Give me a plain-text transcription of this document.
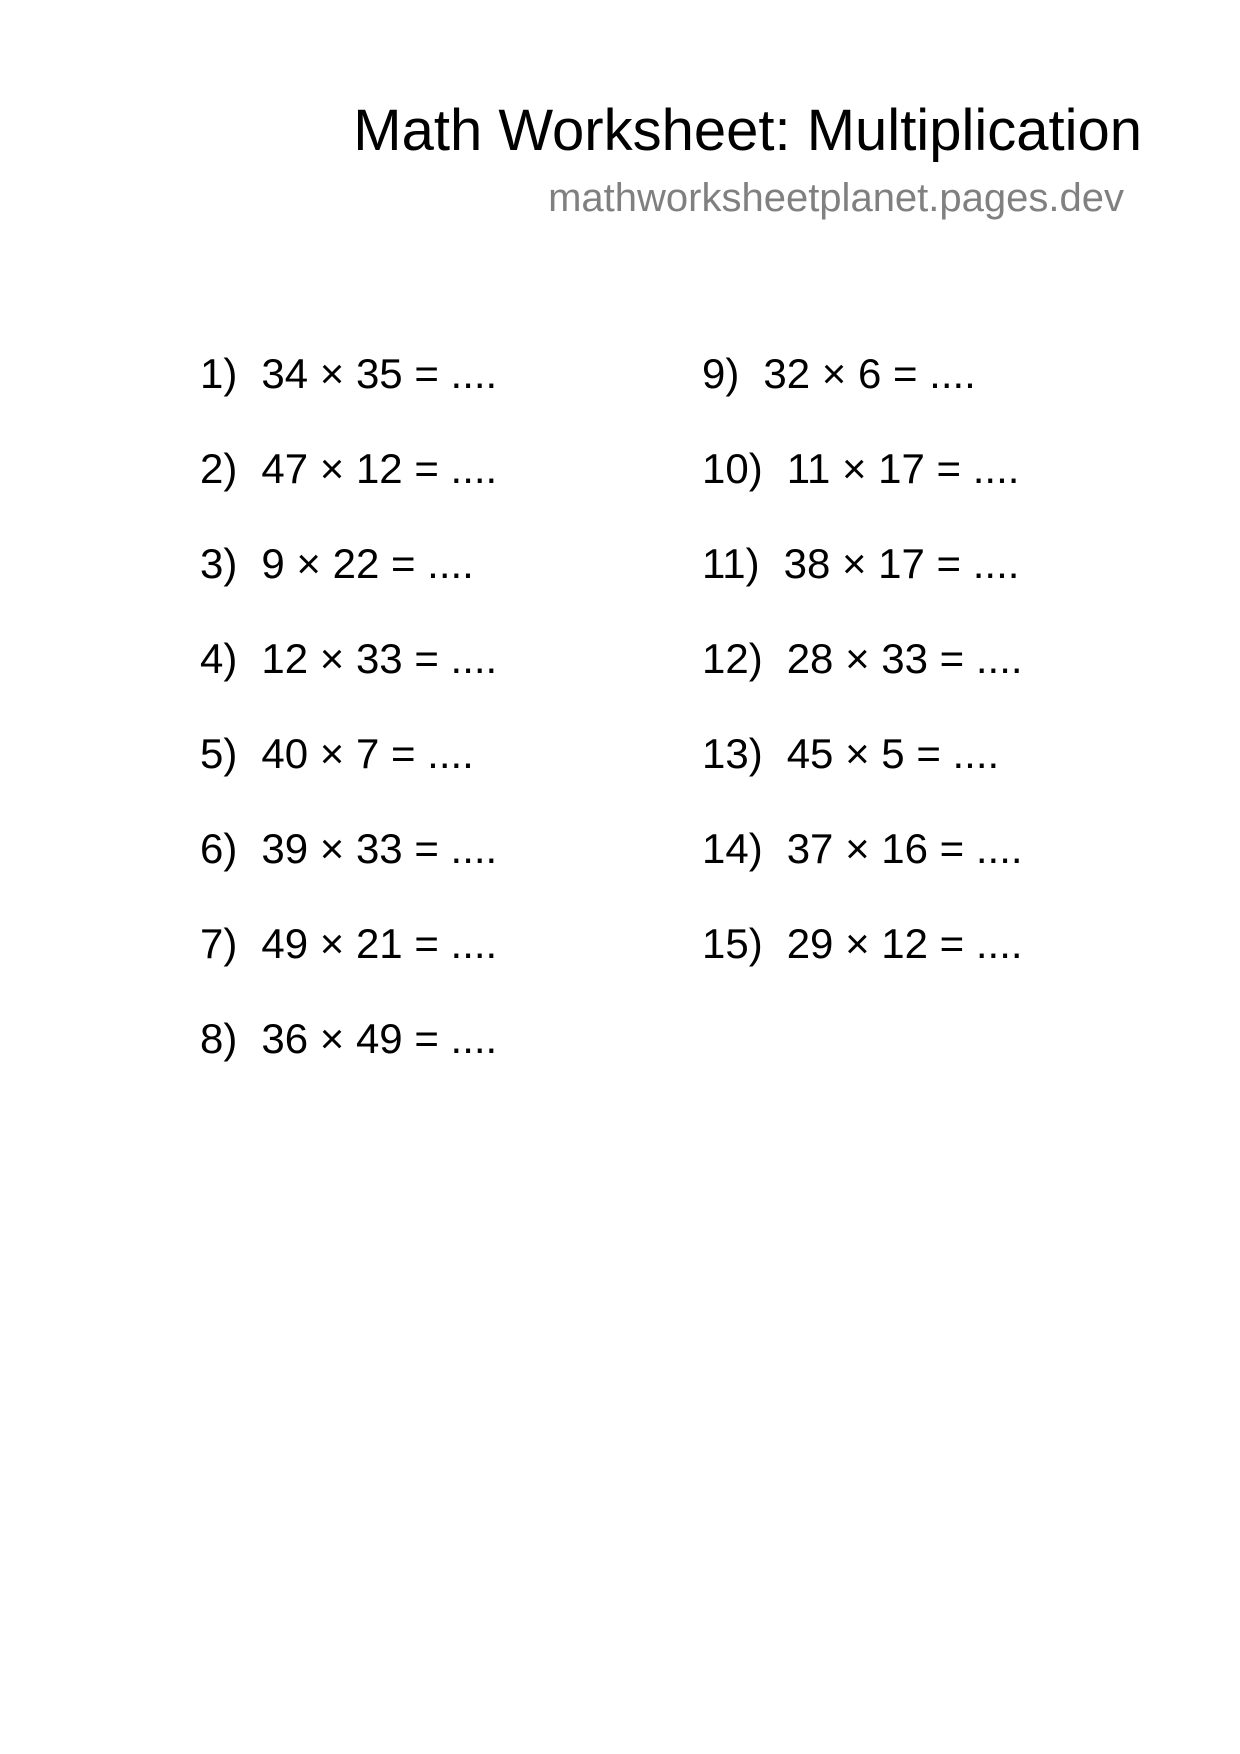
Math Worksheet: Multiplication
mathworksheetplanet.pages.dev
1) 34 × 35 = ....
2) 47 × 12 = ....
3) 9 × 22 = ....
4) 12 × 33 = ....
5) 40 × 7 = ....
6) 39 × 33 = ....
7) 49 × 21 = ....
8) 36 × 49 = ....
9) 32 × 6 = ....
10) 11 × 17 = ....
11) 38 × 17 = ....
12) 28 × 33 = ....
13) 45 × 5 = ....
14) 37 × 16 = ....
15) 29 × 12 = ....
